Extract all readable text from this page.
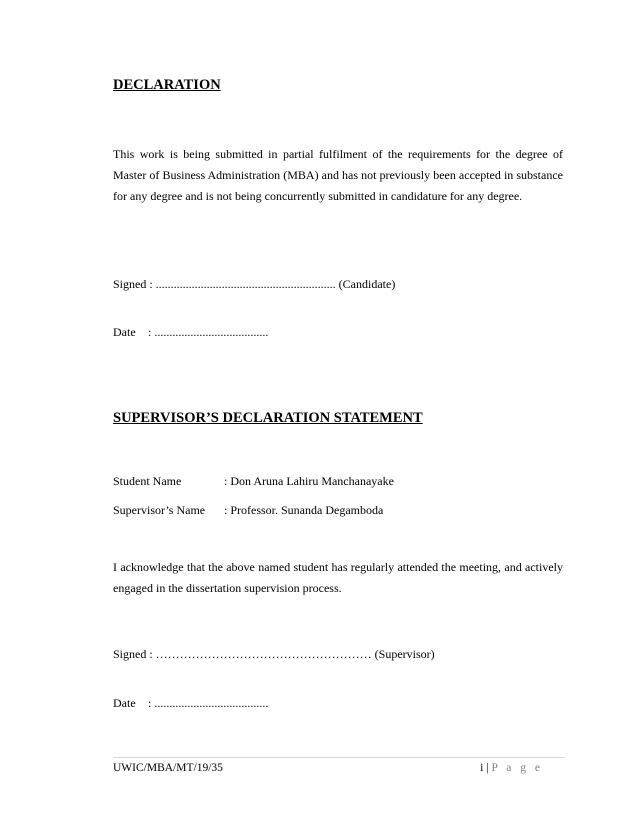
DECLARATION

This work is being submitted in partial fulfilment of the requirements for the degree of Master of Business Administration (MBA) and has not previously been accepted in substance for any degree and is not being concurrently submitted in candidature for any degree.

Signed : ............................................................ (Candidate)
Date : ......................................
SUPERVISOR’S DECLARATION STATEMENT
Student Name	: Don Aruna Lahiru Manchanayake
Supervisor’s Name : Professor. Sunanda Degamboda

I acknowledge that the above named student has regularly attended the meeting, and actively engaged in the dissertation supervision process.

Signed : ……………………………………………… (Supervisor)
Date : ......................................
UWIC/MBA/MT/19/35	i | P a g e
